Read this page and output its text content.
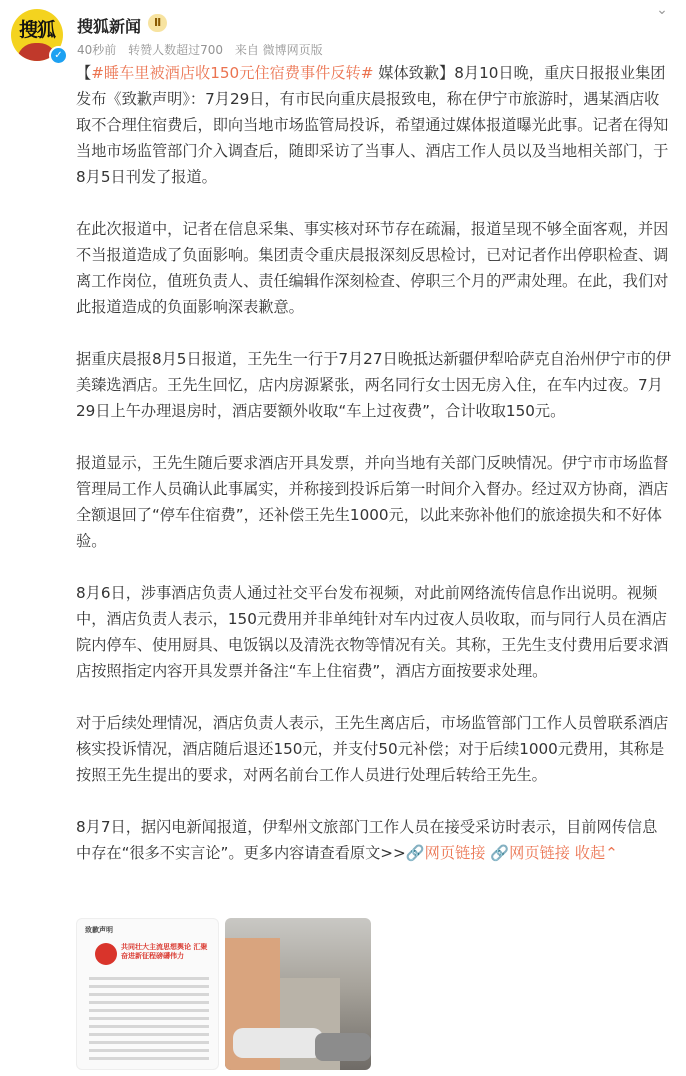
搜狐
✓
搜狐新闻	Ⅱ
40秒前 转赞人数超过700 来自 微博网页版
⌄

【#睡车里被酒店收150元住宿费事件反转# 媒体致歉】8月10日晚，重庆日报报业集团发布《致歉声明》：7月29日，有市民向重庆晨报致电，称在伊宁市旅游时，遇某酒店收取不合理住宿费后，即向当地市场监管局投诉，希望通过媒体报道曝光此事。记者在得知当地市场监管部门介入调查后，随即采访了当事人、酒店工作人员以及当地相关部门，于8月5日刊发了报道。

在此次报道中，记者在信息采集、事实核对环节存在疏漏，报道呈现不够全面客观，并因不当报道造成了负面影响。集团责令重庆晨报深刻反思检讨，已对记者作出停职检查、调离工作岗位，值班负责人、责任编辑作深刻检查、停职三个月的严肃处理。在此，我们对此报道造成的负面影响深表歉意。

据重庆晨报8月5日报道，王先生一行于7月27日晚抵达新疆伊犁哈萨克自治州伊宁市的伊美臻选酒店。王先生回忆，店内房源紧张，两名同行女士因无房入住，在车内过夜。7月29日上午办理退房时，酒店要额外收取“车上过夜费”，合计收取150元。

报道显示，王先生随后要求酒店开具发票，并向当地有关部门反映情况。伊宁市市场监督管理局工作人员确认此事属实，并称接到投诉后第一时间介入督办。经过双方协商，酒店全额退回了“停车住宿费”，还补偿王先生1000元，以此来弥补他们的旅途损失和不好体验。

8月6日，涉事酒店负责人通过社交平台发布视频，对此前网络流传信息作出说明。视频中，酒店负责人表示，150元费用并非单纯针对车内过夜人员收取，而与同行人员在酒店院内停车、使用厨具、电饭锅以及清洗衣物等情况有关。其称，王先生支付费用后要求酒店按照指定内容开具发票并备注“车上住宿费”，酒店方面按要求处理。

对于后续处理情况，酒店负责人表示，王先生离店后，市场监管部门工作人员曾联系酒店核实投诉情况，酒店随后退还150元，并支付50元补偿；对于后续1000元费用，其称是按照王先生提出的要求，对两名前台工作人员进行处理后转给王先生。

8月7日，据闪电新闻报道，伊犁州文旅部门工作人员在接受采访时表示，目前网传信息中存在“很多不实言论”。更多内容请查看原文>>🔗网页链接 🔗网页链接 收起⌃

致歉声明
共同壮大主流思想舆论 汇聚奋进新征程磅礴伟力
